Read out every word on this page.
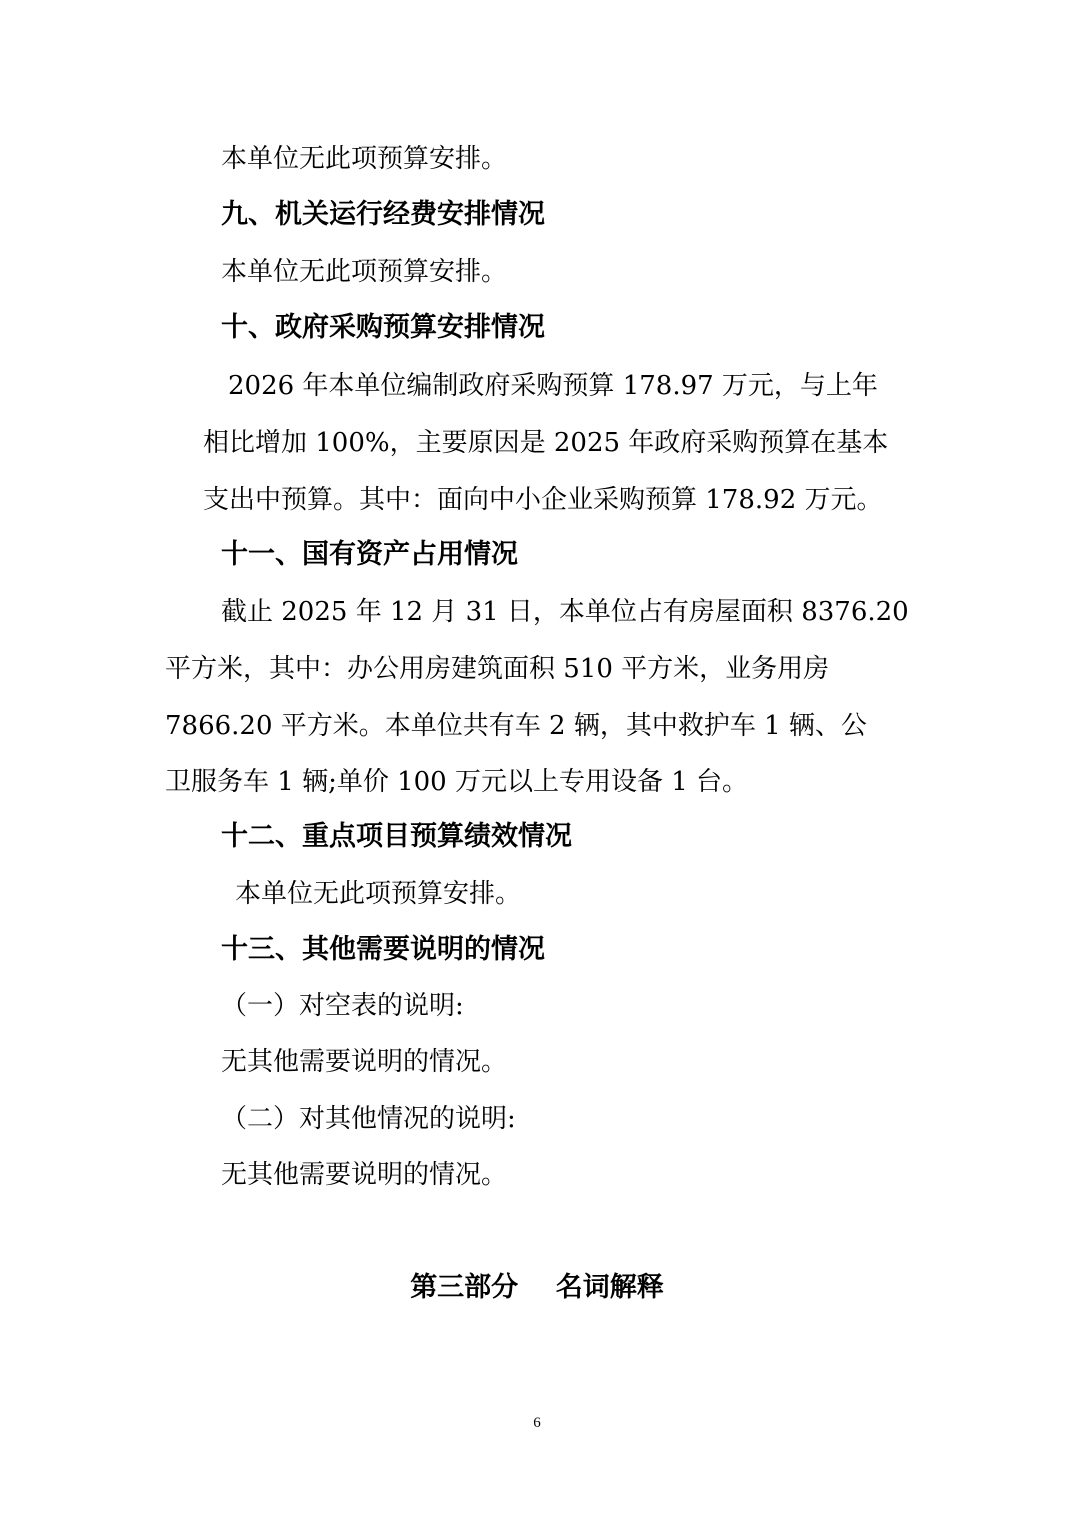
本单位无此项预算安排。
九、机关运行经费安排情况
本单位无此项预算安排。
十、政府采购预算安排情况
2026 年本单位编制政府采购预算 178.97 万元，与上年
相比增加 100%，主要原因是 2025 年政府采购预算在基本
支出中预算。其中：面向中小企业采购预算 178.92 万元。
十一、国有资产占用情况
截止 2025 年 12 月 31 日，本单位占有房屋面积 8376.20
平方米，其中：办公用房建筑面积 510 平方米，业务用房
7866.20 平方米。本单位共有车 2 辆，其中救护车 1 辆、公
卫服务车 1 辆;单价 100 万元以上专用设备 1 台。
十二、重点项目预算绩效情况
本单位无此项预算安排。
十三、其他需要说明的情况
（一）对空表的说明:
无其他需要说明的情况。
（二）对其他情况的说明:
无其他需要说明的情况。
第三部分    名词解释
6
